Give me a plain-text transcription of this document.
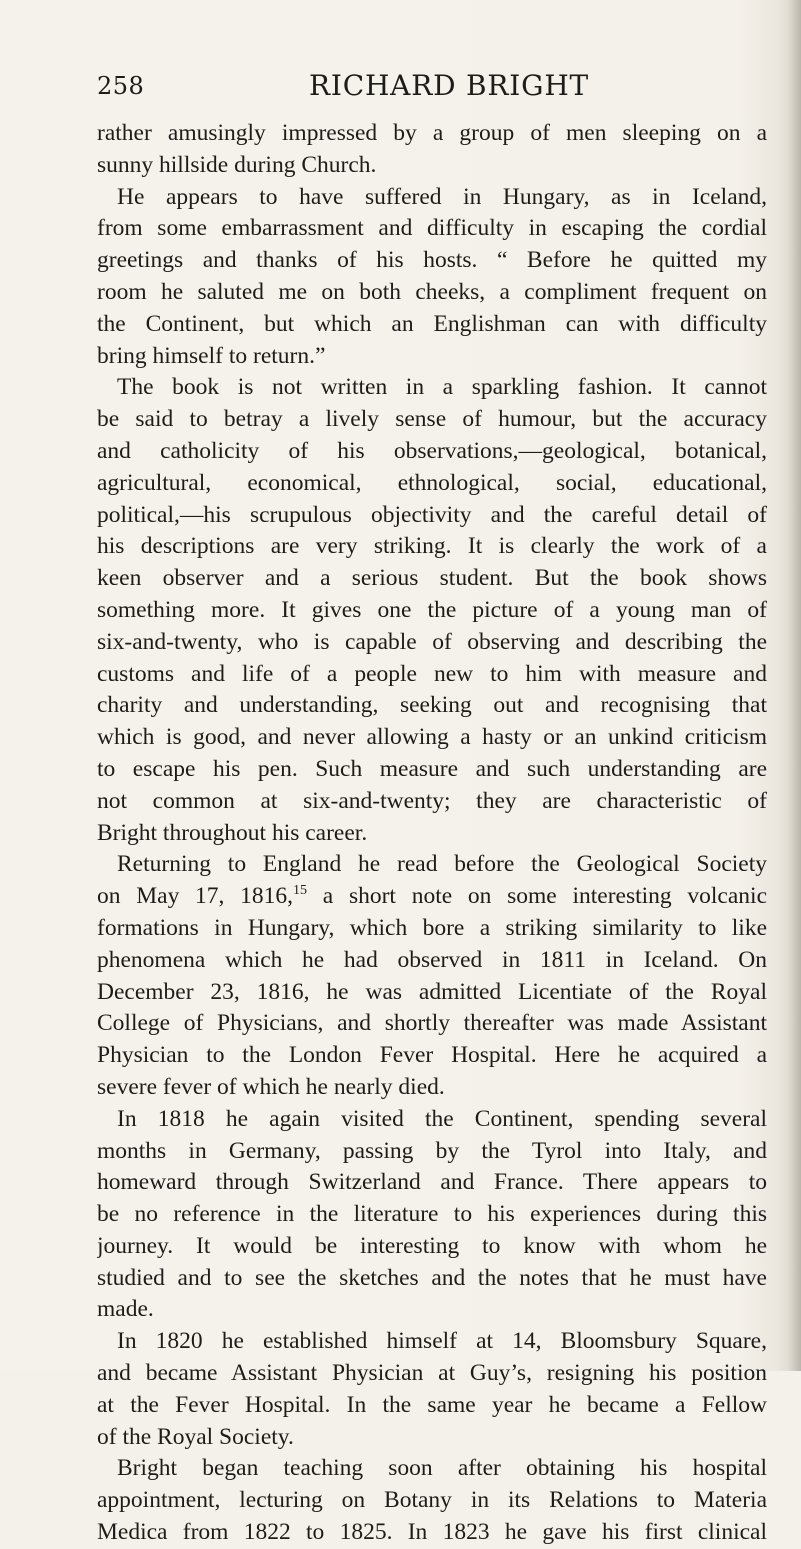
258	RICHARD BRIGHT
rather amusingly impressed by a group of men sleeping on a
sunny hillside during Church.
He appears to have suffered in Hungary, as in Iceland,
from some embarrassment and difficulty in escaping the cordial
greetings and thanks of his hosts. “ Before he quitted my
room he saluted me on both cheeks, a compliment frequent on
the Continent, but which an Englishman can with difficulty
bring himself to return.”
The book is not written in a sparkling fashion. It cannot
be said to betray a lively sense of humour, but the accuracy
and catholicity of his observations,—geological, botanical,
agricultural, economical, ethnological, social, educational,
political,—his scrupulous objectivity and the careful detail of
his descriptions are very striking. It is clearly the work of a
keen observer and a serious student. But the book shows
something more. It gives one the picture of a young man of
six-and-twenty, who is capable of observing and describing the
customs and life of a people new to him with measure and
charity and understanding, seeking out and recognising that
which is good, and never allowing a hasty or an unkind criticism
to escape his pen. Such measure and such understanding are
not common at six-and-twenty; they are characteristic of
Bright throughout his career.
Returning to England he read before the Geological Society
on May 17, 1816,15 a short note on some interesting volcanic
formations in Hungary, which bore a striking similarity to like
phenomena which he had observed in 1811 in Iceland. On
December 23, 1816, he was admitted Licentiate of the Royal
College of Physicians, and shortly thereafter was made Assistant
Physician to the London Fever Hospital. Here he acquired a
severe fever of which he nearly died.
In 1818 he again visited the Continent, spending several
months in Germany, passing by the Tyrol into Italy, and
homeward through Switzerland and France. There appears to
be no reference in the literature to his experiences during this
journey. It would be interesting to know with whom he
studied and to see the sketches and the notes that he must have
made.
In 1820 he established himself at 14, Bloomsbury Square,
and became Assistant Physician at Guy’s, resigning his position
at the Fever Hospital. In the same year he became a Fellow
of the Royal Society.
Bright began teaching soon after obtaining his hospital
appointment, lecturing on Botany in its Relations to Materia
Medica from 1822 to 1825. In 1823 he gave his first clinical
